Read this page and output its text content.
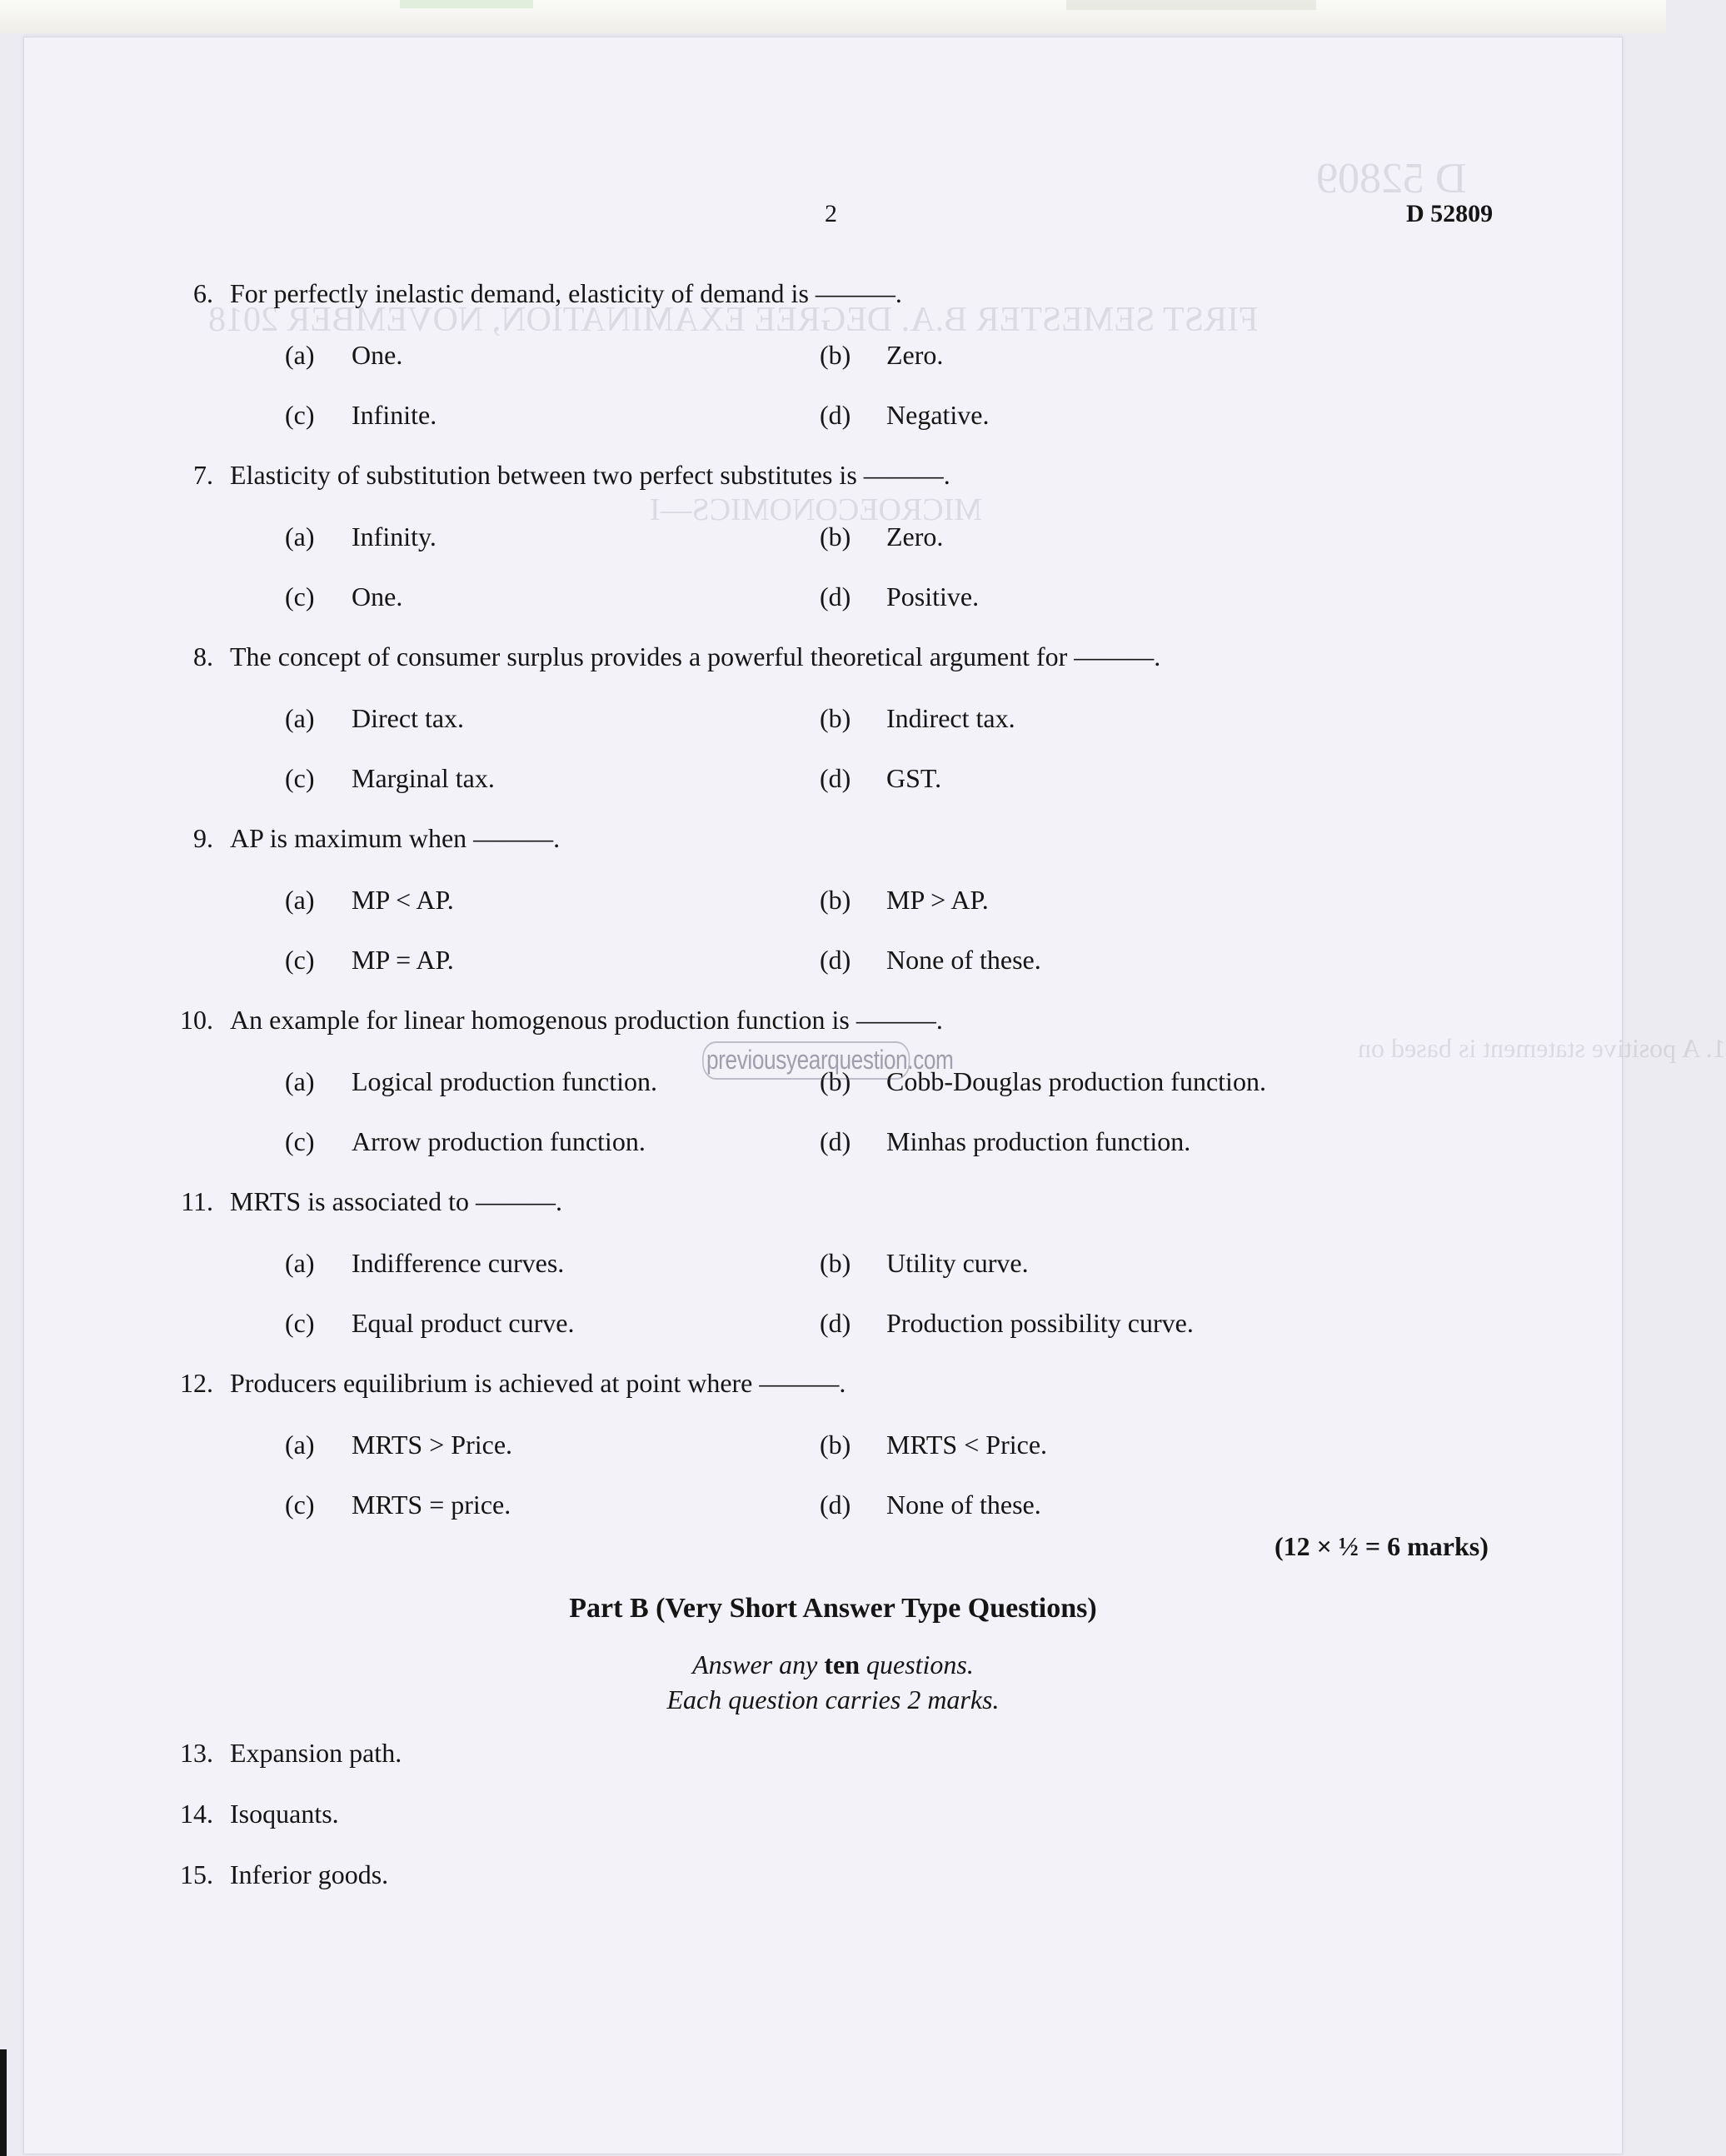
D 52809
FIRST SEMESTER B.A. DEGREE EXAMINATION, NOVEMBER 2018
MICROECONOMICS—I
1. A positive statement is based on
2	D 52809
6. For perfectly inelastic demand, elasticity of demand is ———.
(a) One.	(b) Zero.
(c) Infinite.	(d) Negative.
7. Elasticity of substitution between two perfect substitutes is ———.
(a) Infinity.	(b) Zero.
(c) One.	(d) Positive.
8. The concept of consumer surplus provides a powerful theoretical argument for ———.
(a) Direct tax.	(b) Indirect tax.
(c) Marginal tax.	(d) GST.
9. AP is maximum when ———.
(a) MP < AP.	(b) MP > AP.
(c) MP = AP.	(d) None of these.
10. An example for linear homogenous production function is ———.
(a) Logical production function.	(b) Cobb-Douglas production function.
(c) Arrow production function.	(d) Minhas production function.
11. MRTS is associated to ———.
(a) Indifference curves.	(b) Utility curve.
(c) Equal product curve.	(d) Production possibility curve.
12. Producers equilibrium is achieved at point where ———.
(a) MRTS > Price.	(b) MRTS < Price.
(c) MRTS = price.	(d) None of these.
previousyearquestion.com
(12 × ½ = 6 marks)
Part B (Very Short Answer Type Questions)
Answer any ten questions.
Each question carries 2 marks.
13. Expansion path.
14. Isoquants.
15. Inferior goods.
